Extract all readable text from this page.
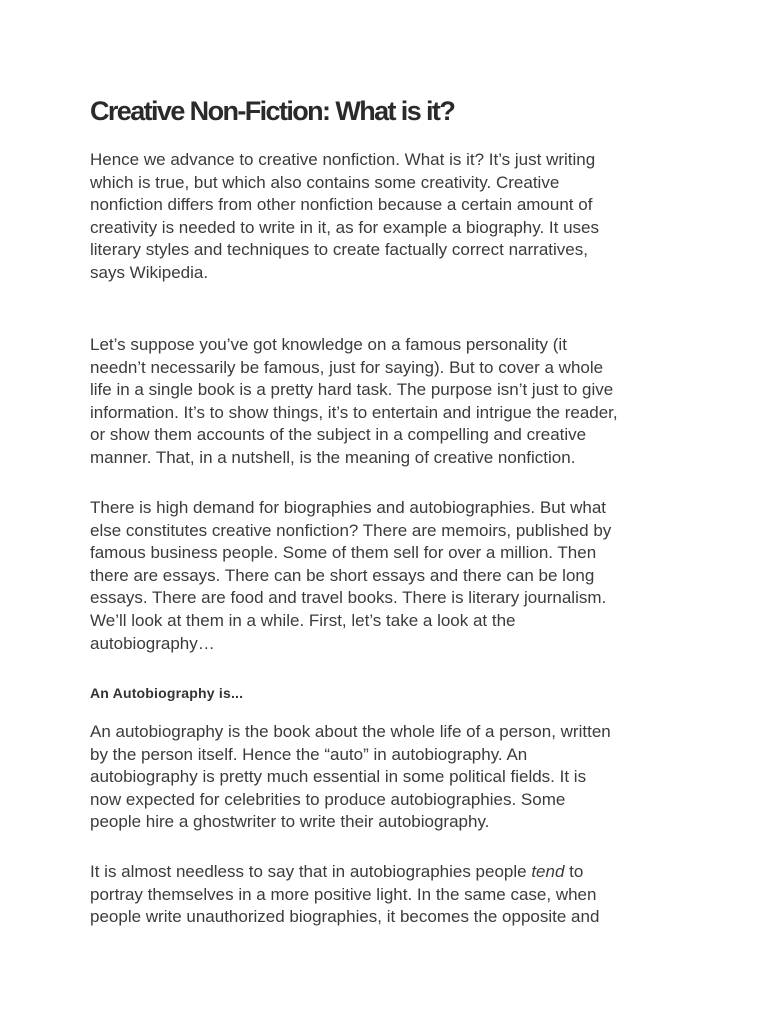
Creative Non-Fiction: What is it?

Hence we advance to creative nonfiction. What is it? It’s just writing
which is true, but which also contains some creativity. Creative
nonfiction differs from other nonfiction because a certain amount of
creativity is needed to write in it, as for example a biography. It uses
literary styles and techniques to create factually correct narratives,
says Wikipedia.

Let’s suppose you’ve got knowledge on a famous personality (it
needn’t necessarily be famous, just for saying). But to cover a whole
life in a single book is a pretty hard task. The purpose isn’t just to give
information. It’s to show things, it’s to entertain and intrigue the reader,
or show them accounts of the subject in a compelling and creative
manner. That, in a nutshell, is the meaning of creative nonfiction.

There is high demand for biographies and autobiographies. But what
else constitutes creative nonfiction? There are memoirs, published by
famous business people. Some of them sell for over a million. Then
there are essays. There can be short essays and there can be long
essays. There are food and travel books. There is literary journalism.
We’ll look at them in a while. First, let’s take a look at the
autobiography…

An Autobiography is...

An autobiography is the book about the whole life of a person, written
by the person itself. Hence the “auto” in autobiography. An
autobiography is pretty much essential in some political fields. It is
now expected for celebrities to produce autobiographies. Some
people hire a ghostwriter to write their autobiography.

It is almost needless to say that in autobiographies people tend to
portray themselves in a more positive light. In the same case, when
people write unauthorized biographies, it becomes the opposite and
